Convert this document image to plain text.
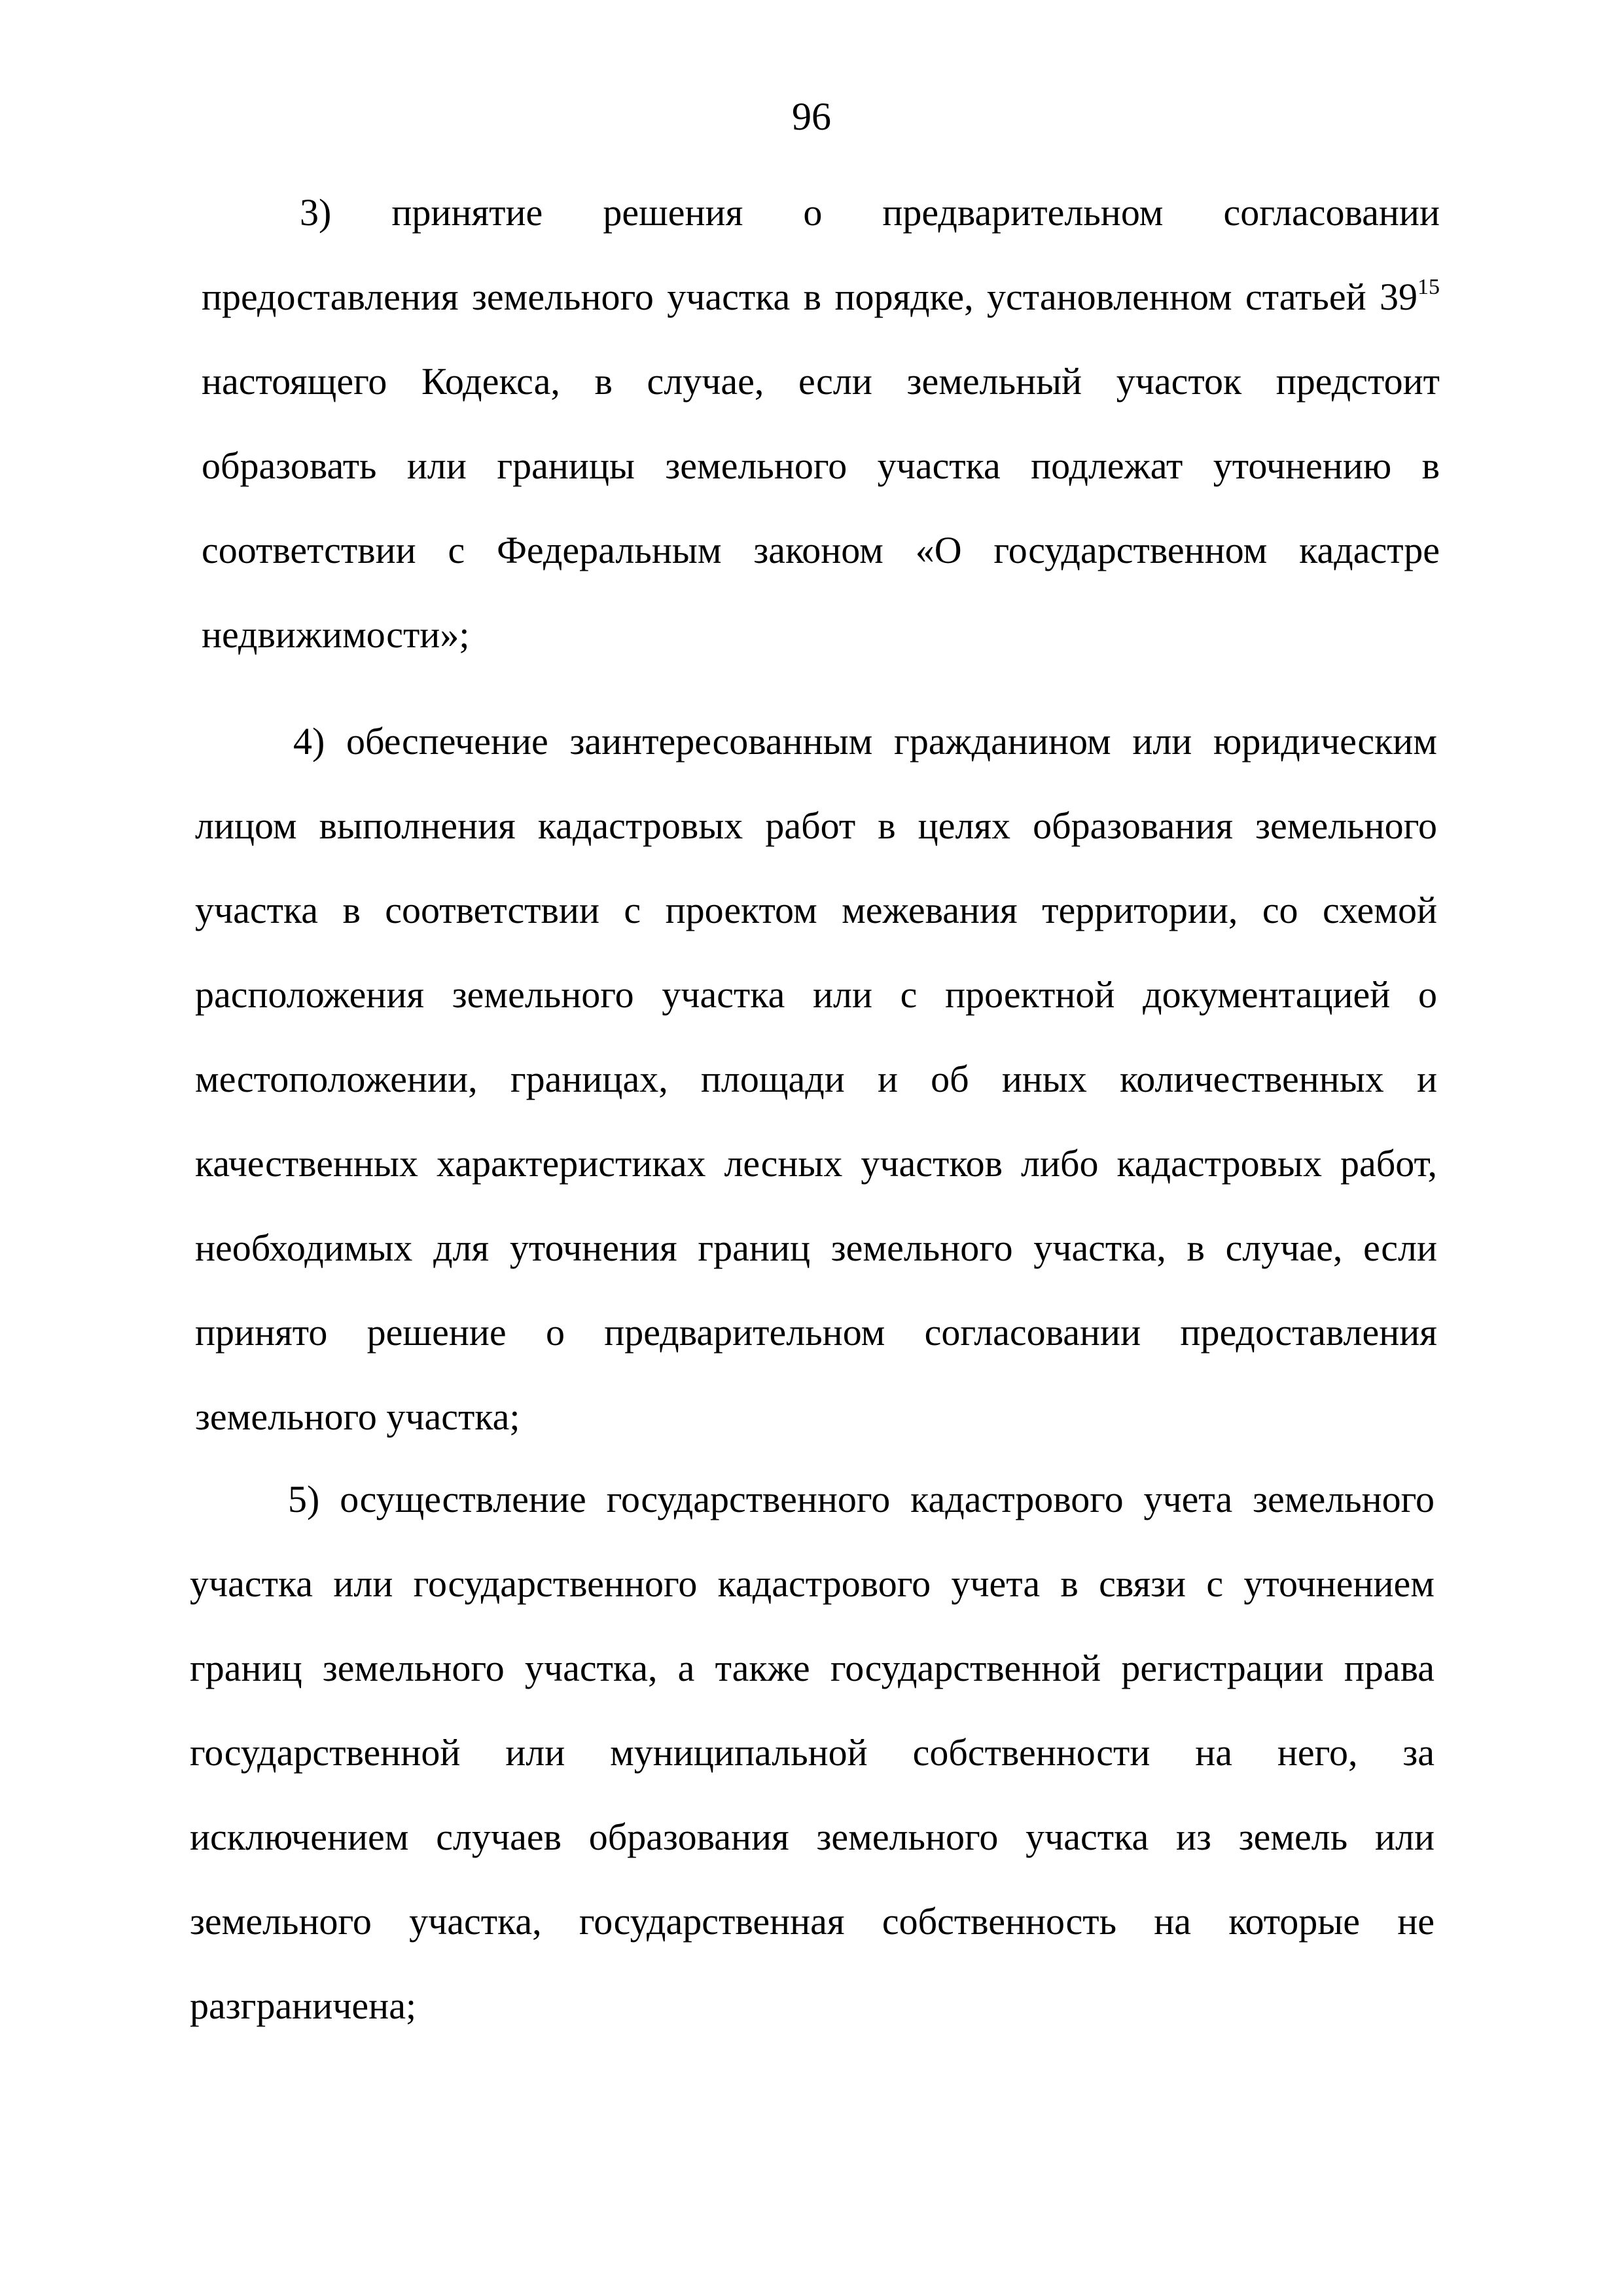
96
3) принятие решения о предварительном согласовании
предоставления земельного участка в порядке, установленном статьей $39^{15}$
настоящего Кодекса, в случае, если земельный участок предстоит
образовать или границы земельного участка подлежат уточнению в
соответствии с Федеральным законом «О государственном кадастре
недвижимости»;
4) обеспечение заинтересованным гражданином или юридическим
лицом выполнения кадастровых работ в целях образования земельного
участка в соответствии с проектом межевания территории, со схемой
расположения земельного участка или с проектной документацией о
местоположении, границах, площади и об иных количественных и
качественных характеристиках лесных участков либо кадастровых работ,
необходимых для уточнения границ земельного участка, в случае, если
принято решение о предварительном согласовании предоставления
земельного участка;
5) осуществление государственного кадастрового учета земельного
участка или государственного кадастрового учета в связи с уточнением
границ земельного участка, а также государственной регистрации права
государственной или муниципальной собственности на него, за
исключением случаев образования земельного участка из земель или
земельного участка, государственная собственность на которые не
разграничена;
